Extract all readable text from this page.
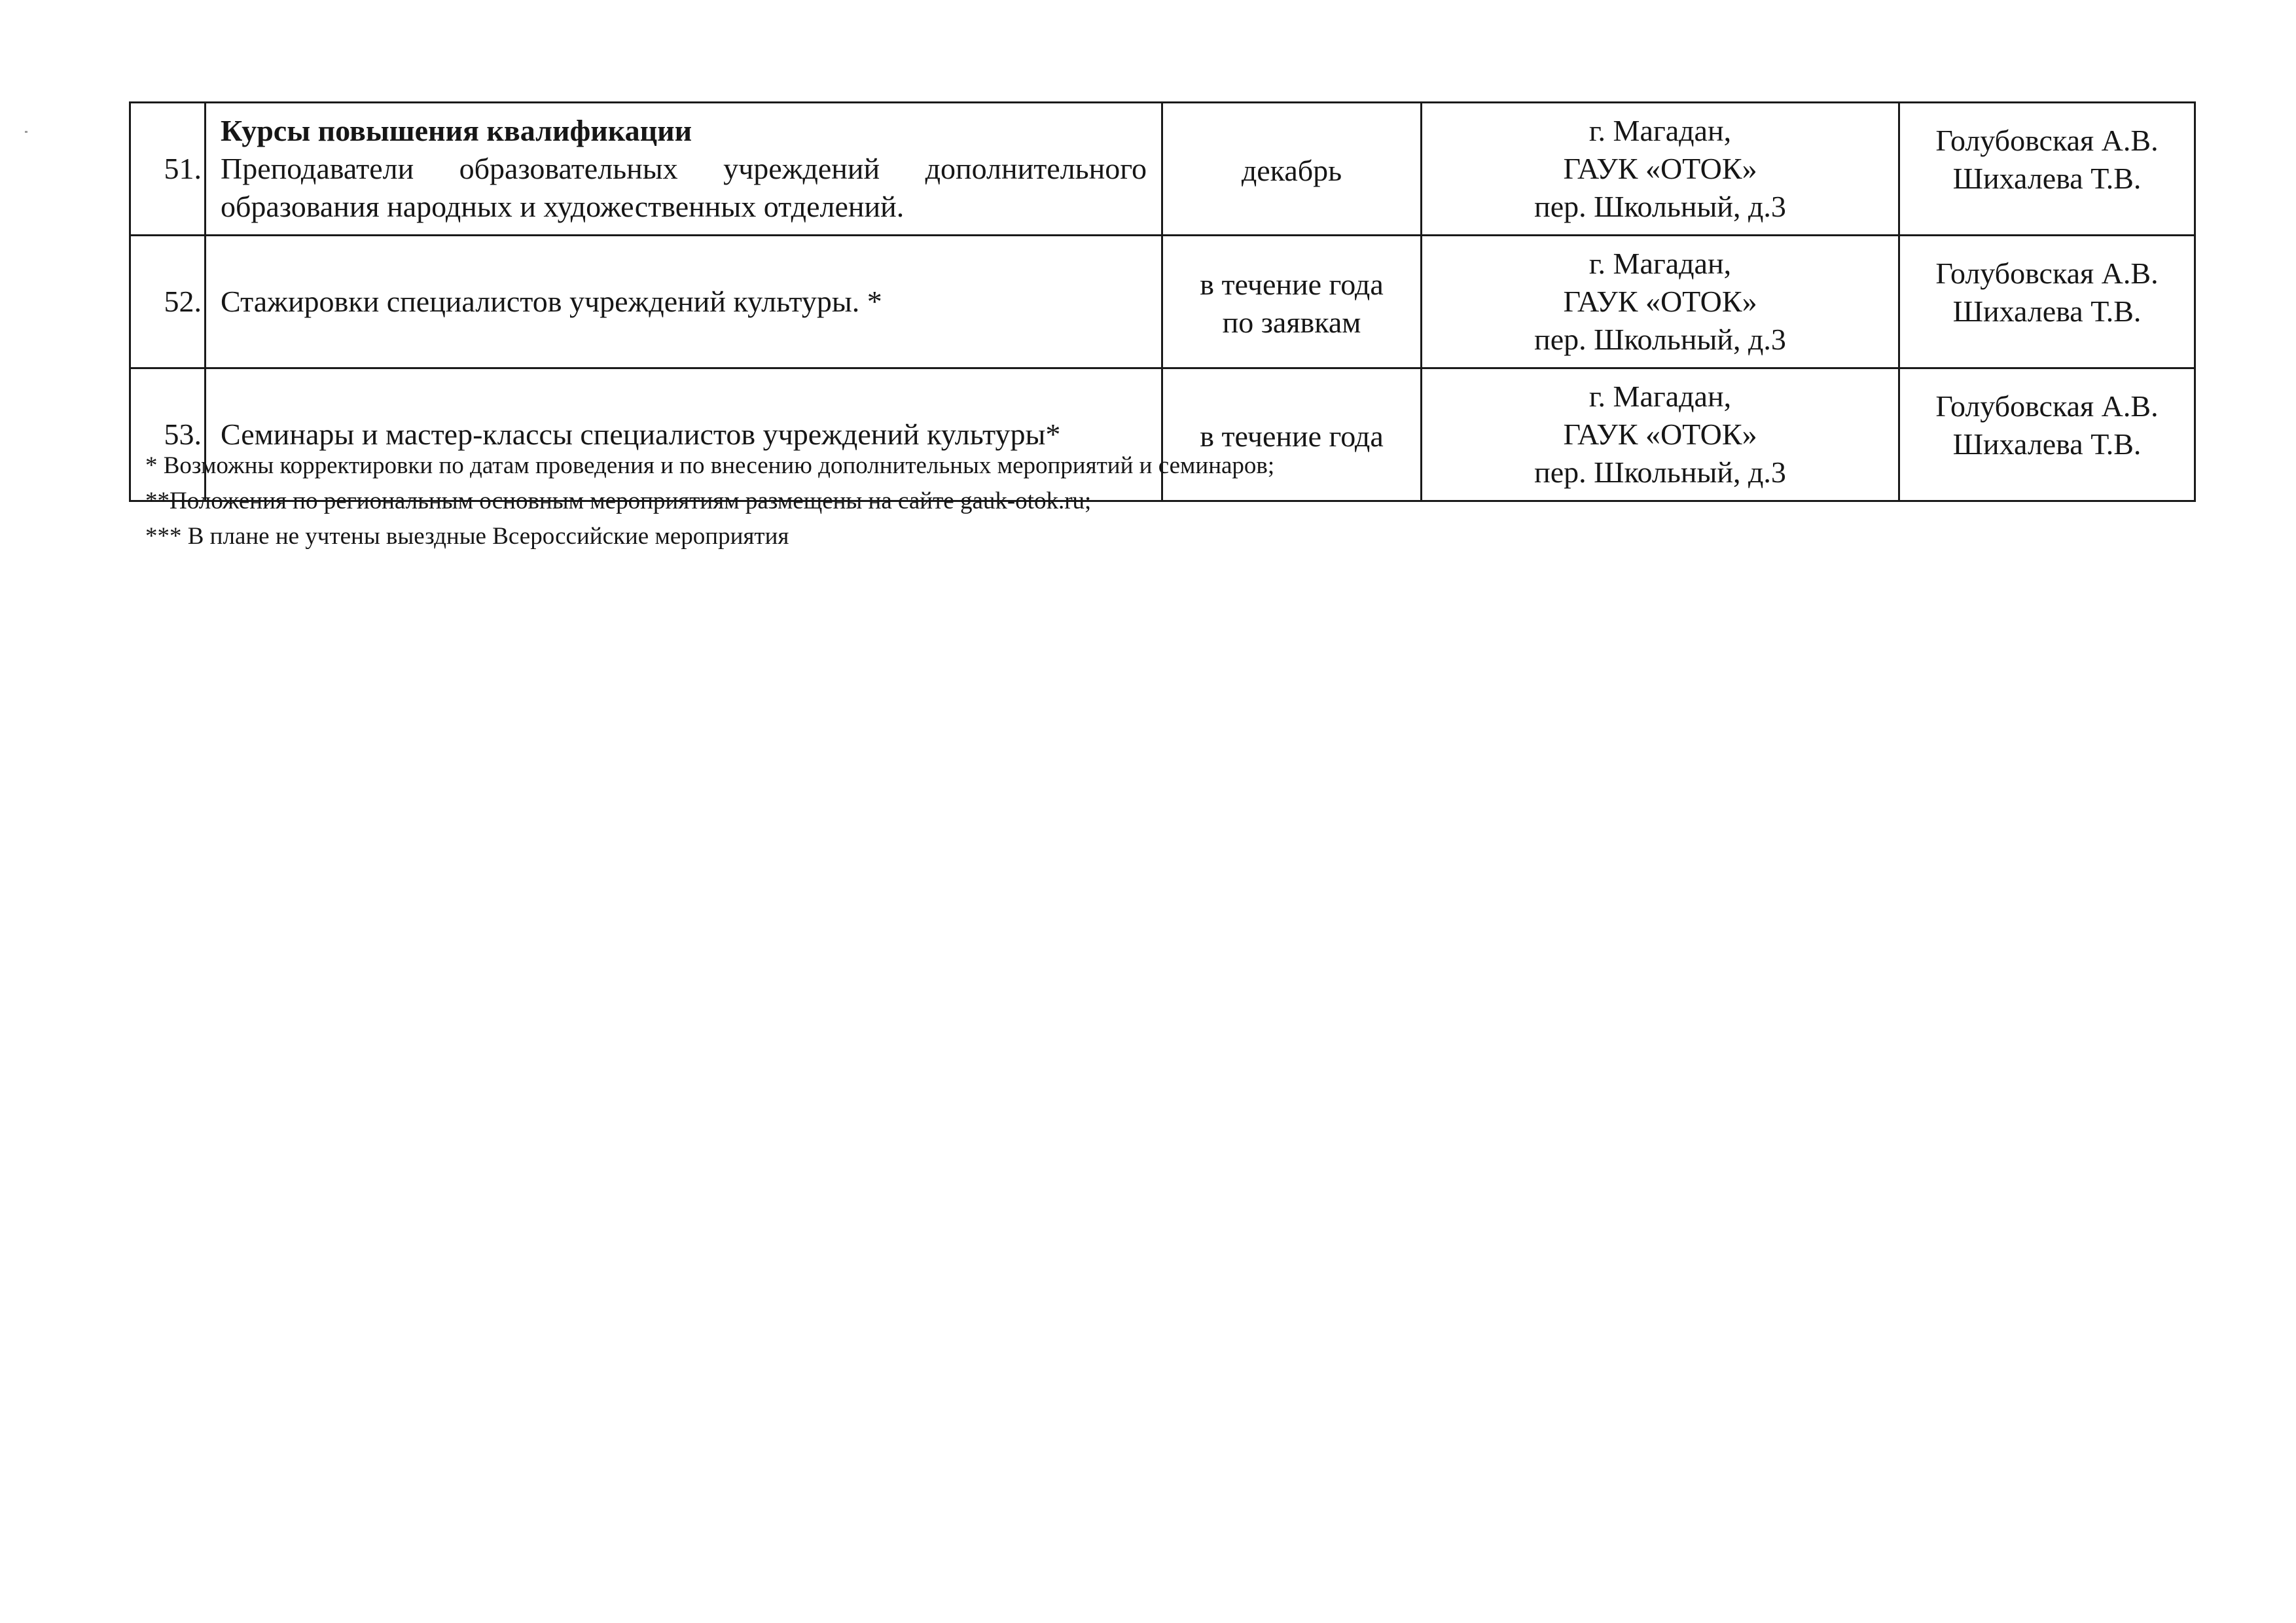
51.	Курсы повышения квалификации
Преподаватели образовательных учреждений дополнительного образования народных и художественных отделений.	декабрь	г. Магадан,
ГАУК «ОТОК»
пер. Школьный, д.3	Голубовская А.В.
Шихалева Т.В.

52.	Стажировки специалистов учреждений культуры. *	в течение года
по заявкам	г. Магадан,
ГАУК «ОТОК»
пер. Школьный, д.3	Голубовская А.В.
Шихалева Т.В.

53.	Семинары и мастер-классы специалистов учреждений культуры*	в течение года	г. Магадан,
ГАУК «ОТОК»
пер. Школьный, д.3	Голубовская А.В.
Шихалева Т.В.
* Возможны корректировки по датам проведения и по внесению дополнительных мероприятий и семинаров;
**Положения по региональным основным мероприятиям размещены на сайте gauk-otok.ru;
*** В плане не учтены выездные Всероссийские мероприятия
